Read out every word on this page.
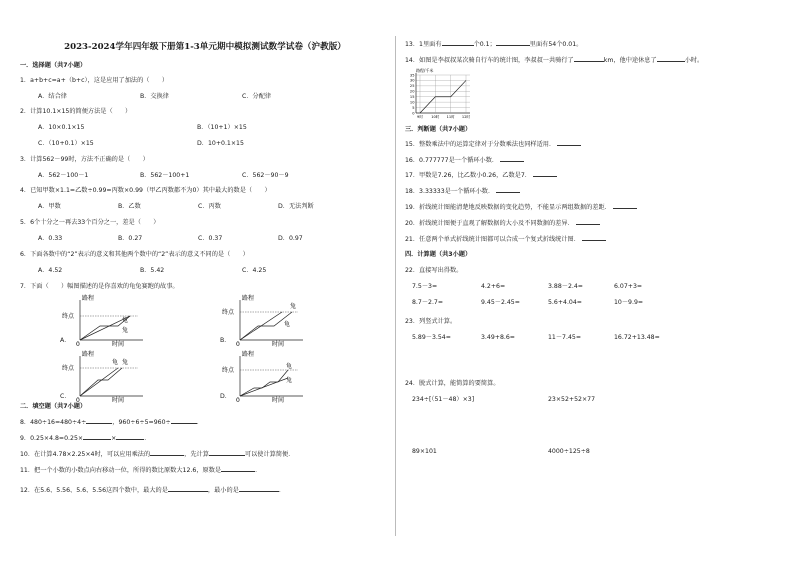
2023-2024学年四年级下册第1-3单元期中模拟测试数学试卷（沪教版）
一．选择题（共7小题）
1．a+b+c=a+（b+c），这是应用了加法的（　　）
A．结合律	B．交换律	C．分配律
2．计算10.1×15的简便方法是（　　）
A．10×0.1×15	B．（10+1）×15
C．（10+0.1）×15	D．10+0.1×15
3．计算562－99时，方法不正确的是（　　）
A．562－100－1	B．562－100+1	C．562－90－9
4．已知甲数×1.1=乙数÷0.99=丙数×0.99（甲乙丙数都不为0）其中最大的数是（　　）
A．甲数	B．乙数	C．丙数	D．无法判断
5．6个十分之一再去33个百分之一，差是（　　）
A．0.33	B．0.27	C．0.37	D．0.97
6．下面各数中的“2”表示的意义和其他两个数中的“2”表示的意义不同的是（　　）
A．4.52	B．5.42	C．4.25
7．下面（　　）幅图描述的是你喜欢的龟兔赛跑的故事。
路程
终点
时间
0
兔
龟
A．
路程
终点
时间
0
兔
龟
B．
路程
终点
时间
0
龟 兔
C．
路程
终点
时间
0
龟
兔
D．
二．填空题（共7小题）
8．480÷16=480÷4÷	，960÷6÷5=960÷	．
9．0.25×4.8=0.25×	×	．
10．在计算4.78×2.25×4时，可以应用乘法的	，先计算	可以使计算简便．
11．把一个小数的小数点向右移动一位，所得的数比原数大12.6，原数是	．
12．在5.6、5.56、5.6、5.56这四个数中，最大的是	，最小的是	．
13．1里面有	个0.1；	里面有54个0.01。
14．如图是李叔叔某次骑自行车的统计图，李叔叔一共骑行了	km，他中途休息了	小时。
路程/千米
0
5
10
15
20
25
30
35
9时 10时 11时 12时
三．判断题（共7小题）
15．整数乘法中的运算定律对于分数乘法也同样适用．
16．0.777777是一个循环小数．
17．甲数是7.26，比乙数小0.26，乙数是7．
18．3.33333是一个循环小数．
19．折线统计图能清楚地反映数据的变化趋势，不能显示两组数据的差距．
20．折线统计图便于直观了解数据的大小及不同数据的差异．
21．任意两个单式折线统计图都可以合成一个复式折线统计图．
四．计算题（共3小题）
22．直接写出得数。
7.5－3=	4.2+6=	3.88－2.4=	6.07+3=
8.7－2.7=	9.45－2.45=	5.6+4.04=	10－9.9=
23．列竖式计算。
5.89－3.54=	3.49+8.6=	11－7.45=	16.72+13.48=
24．脱式计算，能简算的要简算。
234÷[（51－48）×3]	23×52+52×77
89×101	4000÷125÷8
